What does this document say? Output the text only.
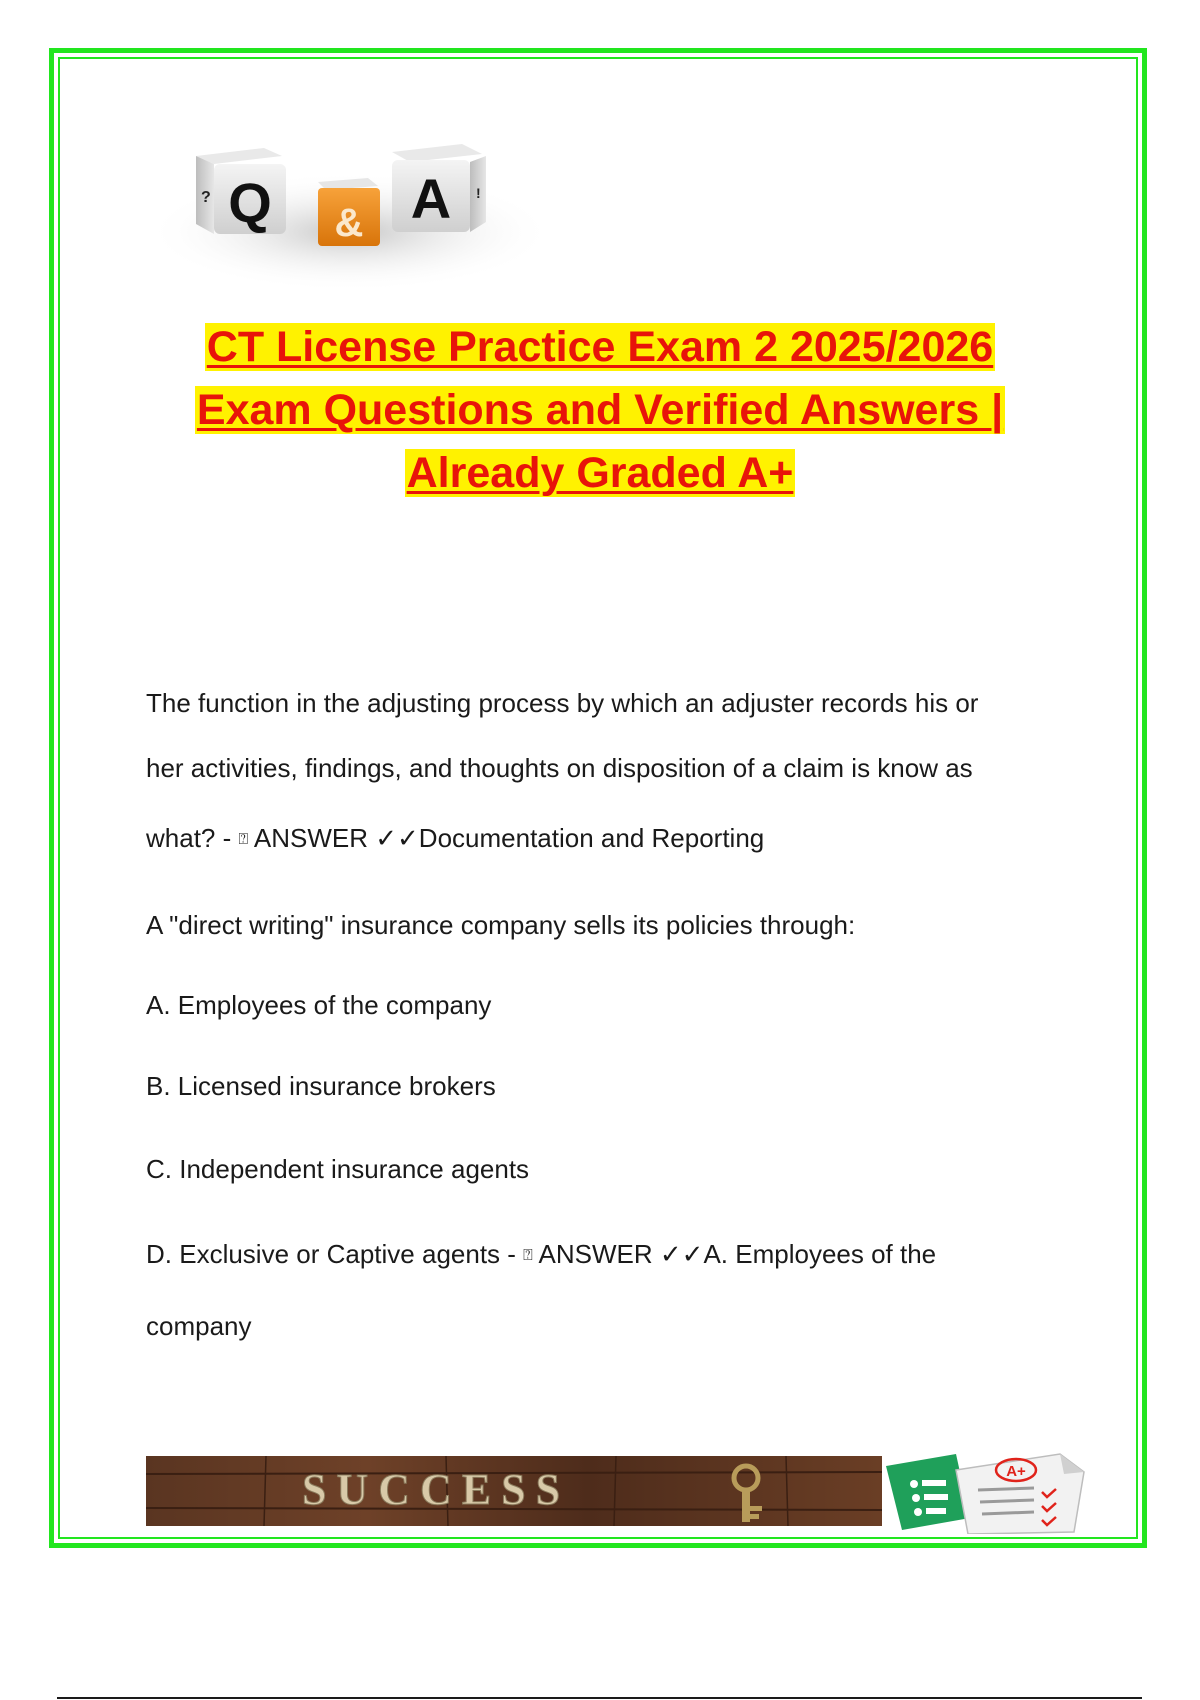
? Q & A !
CT License Practice Exam 2 2025/2026
Exam Questions and Verified Answers |
Already Graded A+

The function in the adjusting process by which an adjuster records his or

her activities, findings, and thoughts on disposition of a claim is know as

what? - ⍰ ANSWER ✓✓Documentation and Reporting

A "direct writing" insurance company sells its policies through:

A. Employees of the company

B. Licensed insurance brokers

C. Independent insurance agents

D. Exclusive or Captive agents - ⍰ ANSWER ✓✓A. Employees of the

company

SUCCESS	A+
